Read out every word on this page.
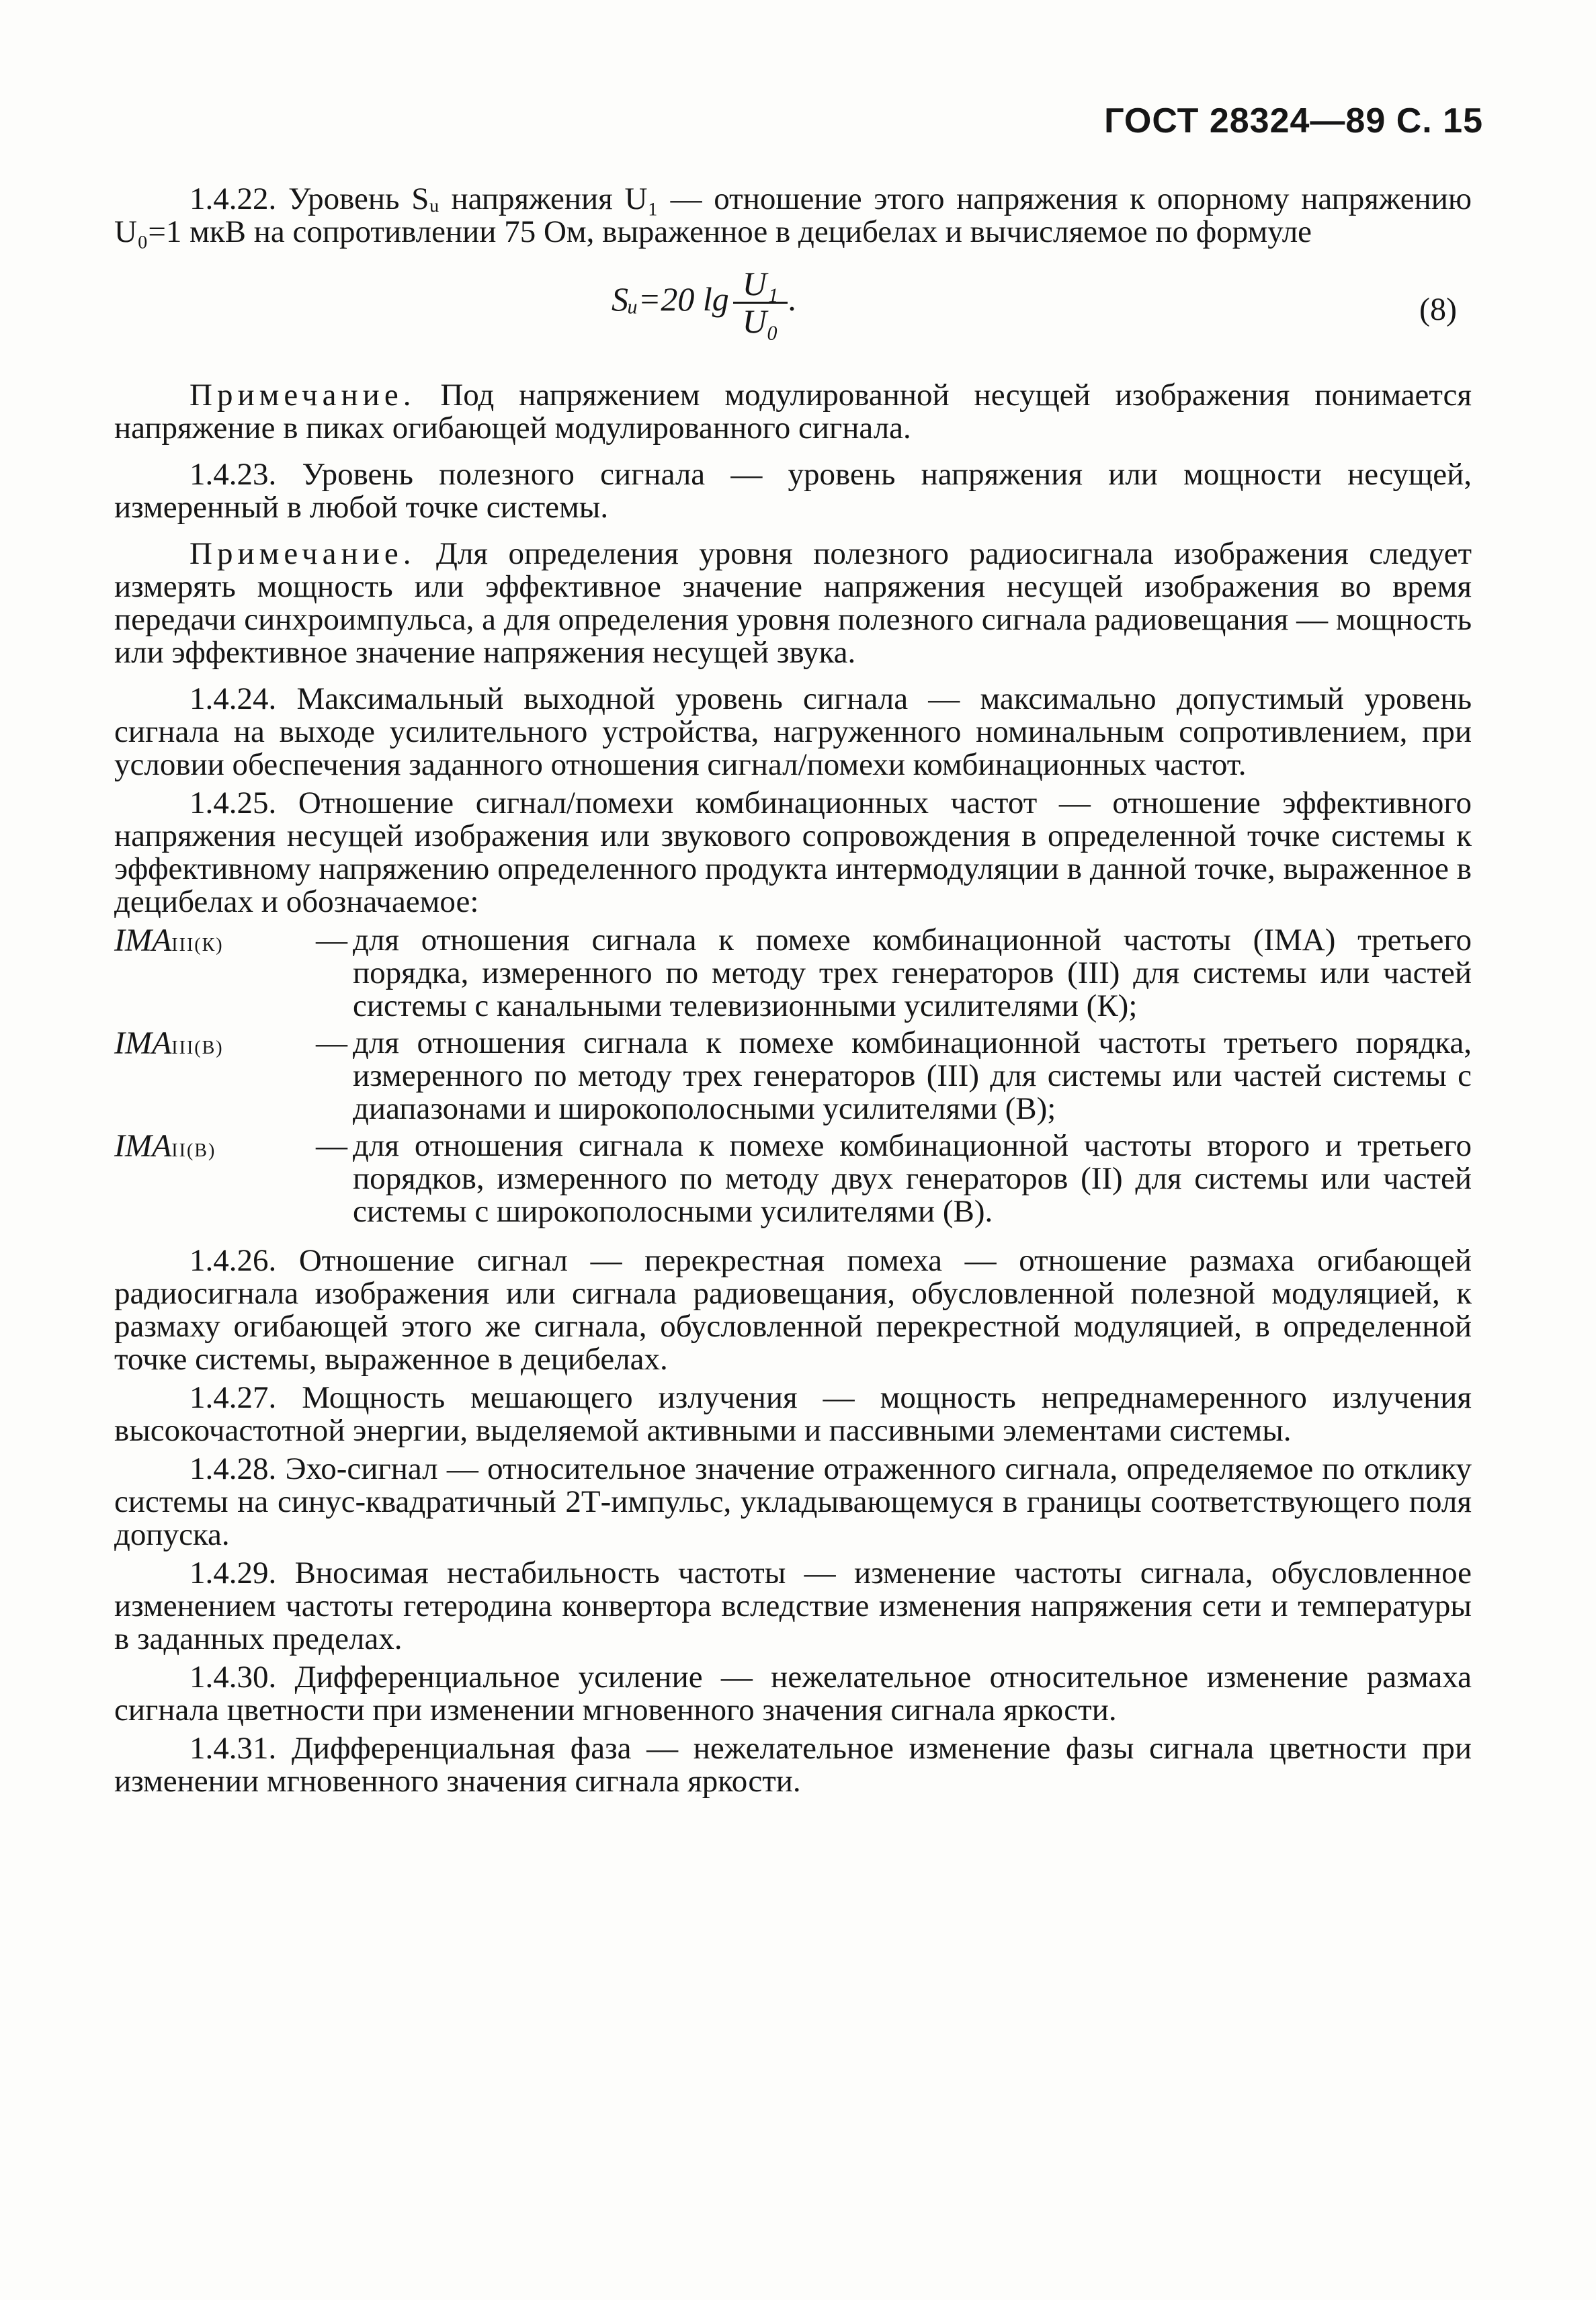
ГОСТ 28324—89 С. 15

1.4.22. Уровень Sᵤ напряжения U₁ — отношение этого напряжения к опорному напряжению U₀=1 мкВ на сопротивлении 75 Ом, выраженное в децибелах и вычисляемое по формуле

Sᵤ=20 $\lg \frac{\text{U₁}}{\text{U₀}}$ .	(8)

Примечание. Под напряжением модулированной несущей изображения понимается напряжение в пиках огибающей модулированного сигнала.

1.4.23. Уровень полезного сигнала — уровень напряжения или мощности несущей, измеренный в любой точке системы.

Примечание. Для определения уровня полезного радиосигнала изображения следует измерять мощность или эффективное значение напряжения несущей изображения во время передачи синхроимпульса, а для определения уровня полезного сигнала радиовещания — мощность или эффективное значение напряжения несущей звука.

1.4.24. Максимальный выходной уровень сигнала — максимально допустимый уровень сигнала на выходе усилительного устройства, нагруженного номинальным сопротивлением, при условии обеспечения заданного отношения сигнал/помехи комбинационных частот.

1.4.25. Отношение сигнал/помехи комбинационных частот — отношение эффективного напряжения несущей изображения или звукового сопровождения в определенной точке системы к эффективному напряжению определенного продукта интермодуляции в данной точке, выраженное в децибелах и обозначаемое:

IMAIII(К)	— для отношения сигнала к помехе комбинационной частоты (IMA) третьего порядка, измеренного по методу трех генераторов (III) для системы или частей системы с канальными телевизионными усилителями (К);
IMAIII(В)	— для отношения сигнала к помехе комбинационной частоты третьего порядка, измеренного по методу трех генераторов (III) для системы или частей системы с диапазонами и широкополосными усилителями (В);
IMAII(В)	— для отношения сигнала к помехе комбинационной частоты второго и третьего порядков, измеренного по методу двух генераторов (II) для системы или частей системы с широкополосными усилителями (В).

1.4.26. Отношение сигнал — перекрестная помеха — отношение размаха огибающей радиосигнала изображения или сигнала радиовещания, обусловленной полезной модуляцией, к размаху огибающей этого же сигнала, обусловленной перекрестной модуляцией, в определенной точке системы, выраженное в децибелах.

1.4.27. Мощность мешающего излучения — мощность непреднамеренного излучения высокочастотной энергии, выделяемой активными и пассивными элементами системы.

1.4.28. Эхо-сигнал — относительное значение отраженного сигнала, определяемое по отклику системы на синус-квадратичный 2Т-импульс, укладывающемуся в границы соответствующего поля допуска.

1.4.29. Вносимая нестабильность частоты — изменение частоты сигнала, обусловленное изменением частоты гетеродина конвертора вследствие изменения напряжения сети и температуры в заданных пределах.

1.4.30. Дифференциальное усиление — нежелательное относительное изменение размаха сигнала цветности при изменении мгновенного значения сигнала яркости.

1.4.31. Дифференциальная фаза — нежелательное изменение фазы сигнала цветности при изменении мгновенного значения сигнала яркости.
